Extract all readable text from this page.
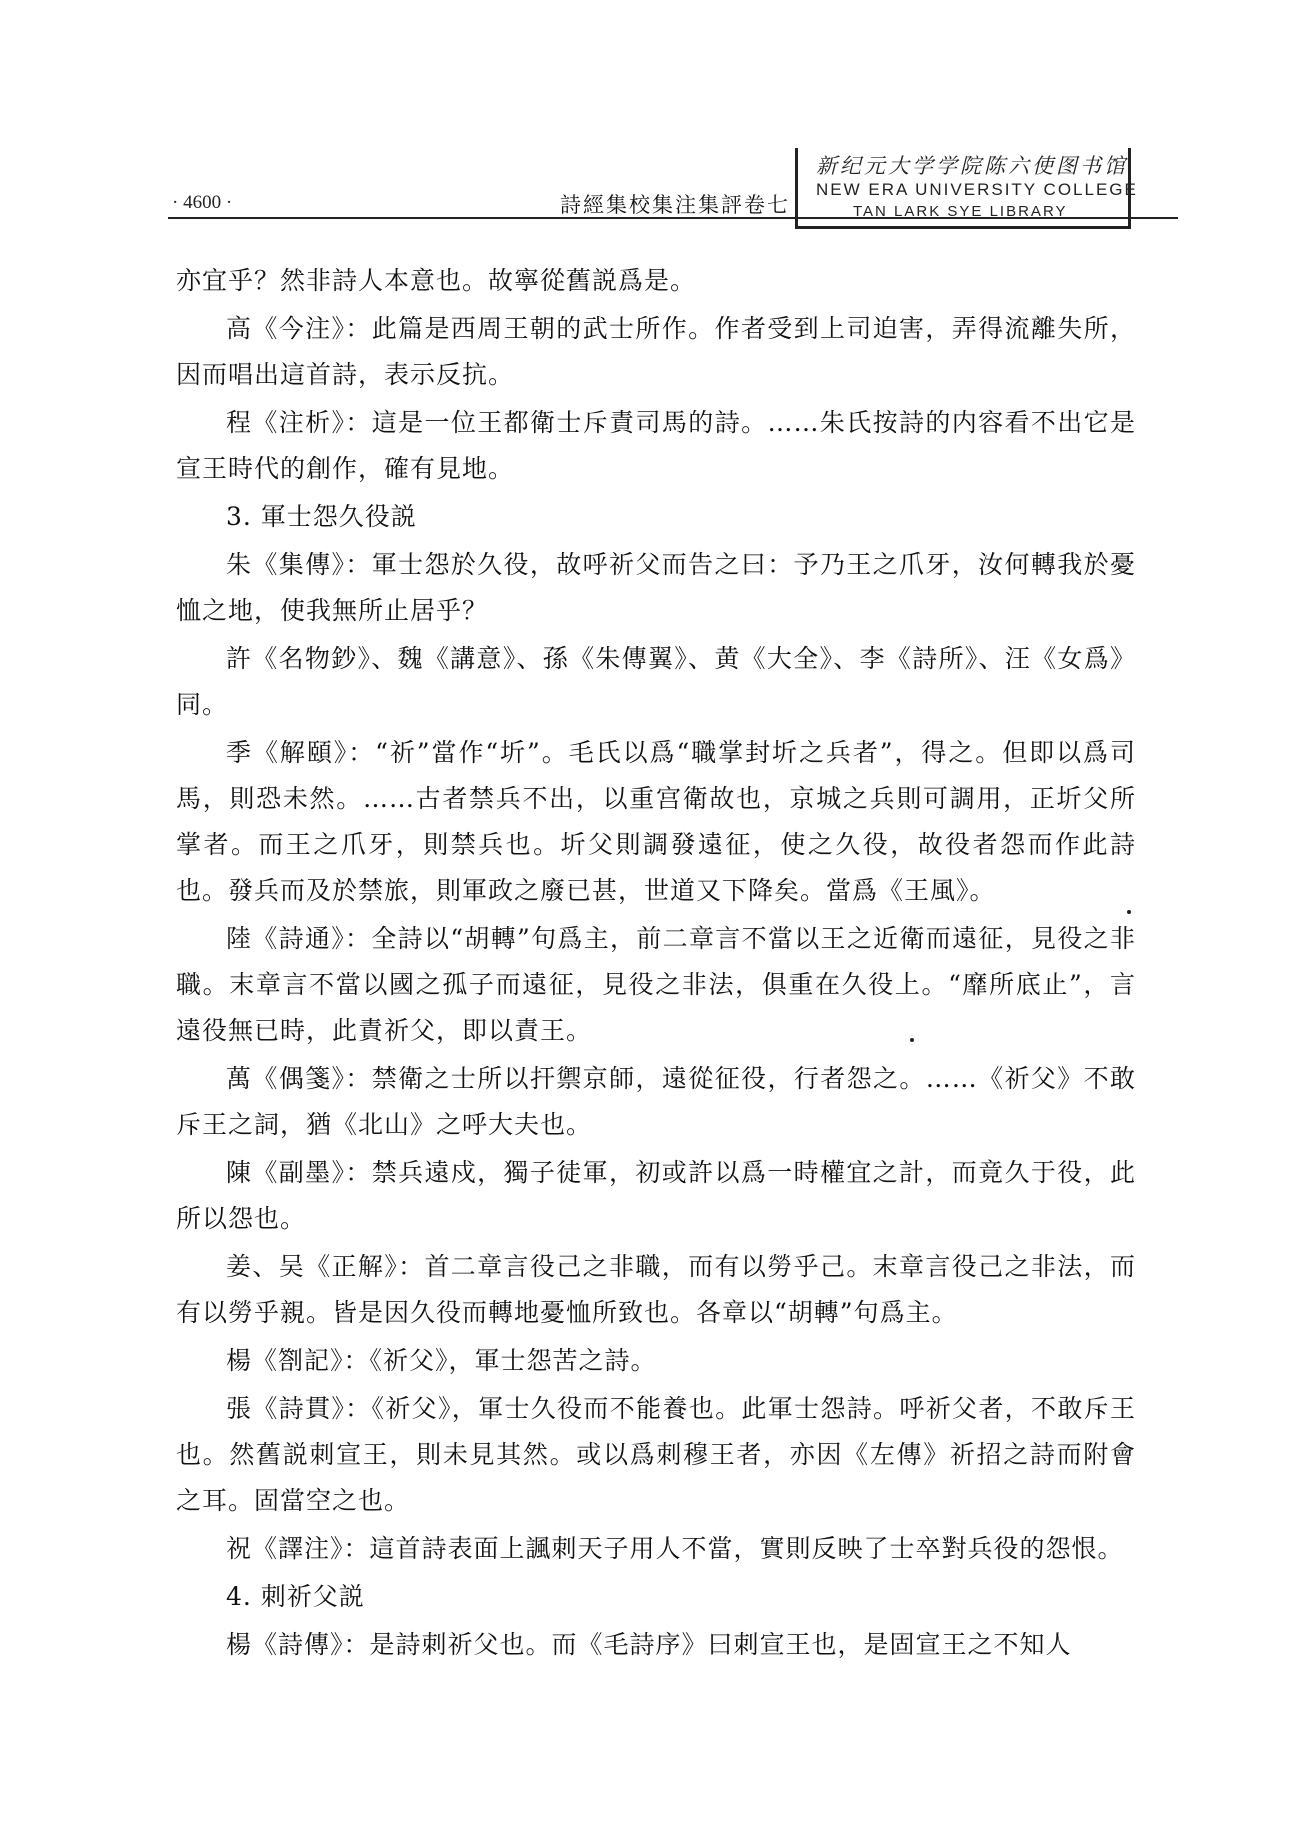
· 4600 ·	詩經集校集注集評卷七
新纪元大学学院陈六使图书馆
NEW ERA UNIVERSITY COLLEGE
TAN LARK SYE LIBRARY

亦宜乎？然非詩人本意也。故寧從舊説爲是。

高《今注》：此篇是西周王朝的武士所作。作者受到上司迫害，弄得流離失所，因而唱出這首詩，表示反抗。

程《注析》：這是一位王都衛士斥責司馬的詩。……朱氏按詩的内容看不出它是宣王時代的創作，確有見地。

3. 軍士怨久役説

朱《集傳》：軍士怨於久役，故呼祈父而告之曰：予乃王之爪牙，汝何轉我於憂恤之地，使我無所止居乎？

許《名物鈔》、魏《講意》、孫《朱傳翼》、黄《大全》、李《詩所》、汪《女爲》同。

季《解頤》：“祈”當作“圻”。毛氏以爲“職掌封圻之兵者”，得之。但即以爲司馬，則恐未然。……古者禁兵不出，以重宫衛故也，京城之兵則可調用，正圻父所掌者。而王之爪牙，則禁兵也。圻父則調發遠征，使之久役，故役者怨而作此詩也。發兵而及於禁旅，則軍政之廢已甚，世道又下降矣。當爲《王風》。

陸《詩通》：全詩以“胡轉”句爲主，前二章言不當以王之近衛而遠征，見役之非職。末章言不當以國之孤子而遠征，見役之非法，俱重在久役上。“靡所底止”，言遠役無已時，此責祈父，即以責王。

萬《偶箋》：禁衛之士所以扞禦京師，遠從征役，行者怨之。……《祈父》不敢斥王之詞，猶《北山》之呼大夫也。

陳《副墨》：禁兵遠戍，獨子徒軍，初或許以爲一時權宜之計，而竟久于役，此所以怨也。

姜、吴《正解》：首二章言役己之非職，而有以勞乎己。末章言役己之非法，而有以勞乎親。皆是因久役而轉地憂恤所致也。各章以“胡轉”句爲主。

楊《劄記》：《祈父》，軍士怨苦之詩。

張《詩貫》：《祈父》，軍士久役而不能養也。此軍士怨詩。呼祈父者，不敢斥王也。然舊説刺宣王，則未見其然。或以爲刺穆王者，亦因《左傳》祈招之詩而附會之耳。固當空之也。

祝《譯注》：這首詩表面上諷刺天子用人不當，實則反映了士卒對兵役的怨恨。

4. 刺祈父説

楊《詩傳》：是詩刺祈父也。而《毛詩序》曰刺宣王也，是固宣王之不知人
